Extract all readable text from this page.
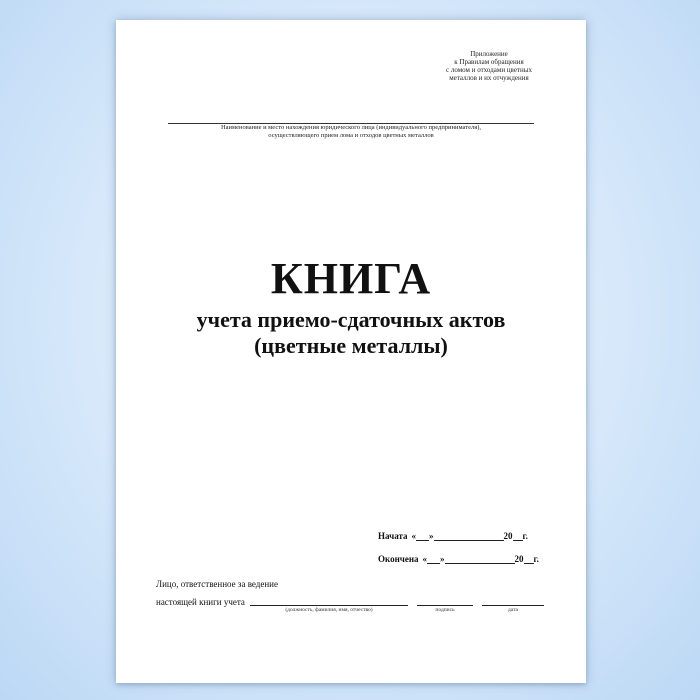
Приложение
к Правилам обращения
с ломом и отходами цветных
металлов и их отчуждения
Наименование и место нахождения юридического лица (индивидуального предпринимателя),
осуществляющего прием лома и отходов цветных металлов
КНИГА
учета приемо-сдаточных актов
(цветные металлы)
Начата « »	20 г.
Окончена « »	20 г.
Лицо, ответственное за ведение
настоящей книги учета
(должность, фамилия, имя, отчество)	подпись	дата
